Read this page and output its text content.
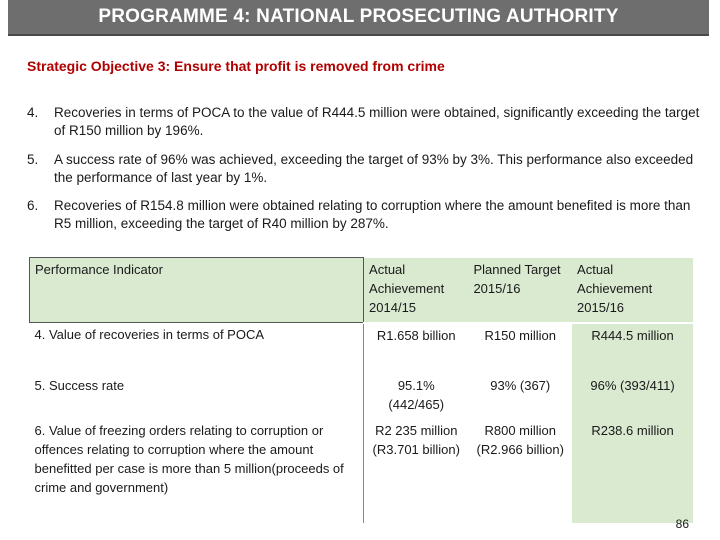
PROGRAMME 4: NATIONAL PROSECUTING AUTHORITY
Strategic Objective 3: Ensure that profit is removed from crime
4. Recoveries in terms of POCA to the value of R444.5 million were obtained, significantly exceeding the target of R150 million by 196%.
5. A success rate of 96% was achieved, exceeding the target of 93% by 3%. This performance also exceeded the performance of last year by 1%.
6. Recoveries of R154.8 million were obtained relating to corruption where the amount benefited is more than R5 million, exceeding the target of R40 million by 287%.
Performance Indicator	Actual Achievement 2014/15	Planned Target 2015/16	Actual Achievement 2015/16
4. Value of recoveries in terms of POCA	R1.658 billion	R150 million	R444.5 million
5. Success rate	95.1% (442/465)	93% (367)	96% (393/411)
6. Value of freezing orders relating to corruption or offences relating to corruption where the amount benefitted per case is more than 5 million(proceeds of crime and government)	R2 235 million (R3.701 billion)	R800 million (R2.966 billion)	R238.6 million
86
